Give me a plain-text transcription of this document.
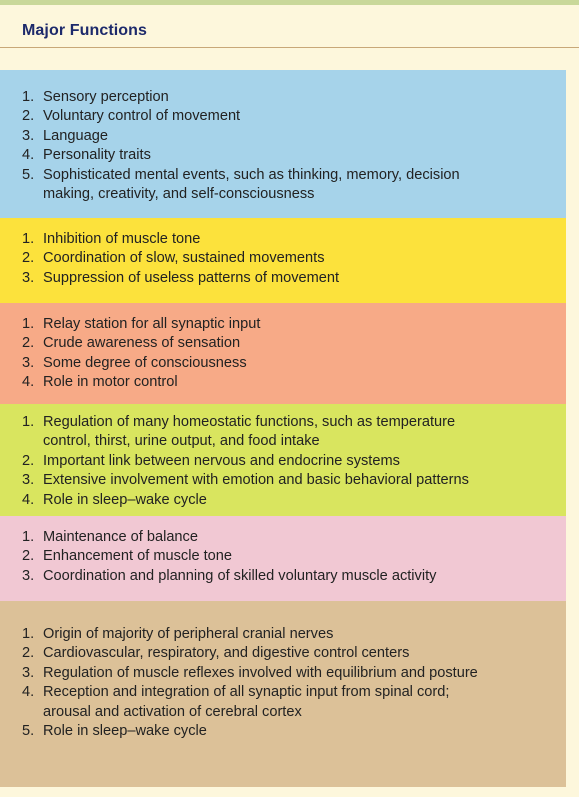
Major Functions
1. Sensory perception
2. Voluntary control of movement
3. Language
4. Personality traits
5. Sophisticated mental events, such as thinking, memory, decision
making, creativity, and self-consciousness
1. Inhibition of muscle tone
2. Coordination of slow, sustained movements
3. Suppression of useless patterns of movement
1. Relay station for all synaptic input
2. Crude awareness of sensation
3. Some degree of consciousness
4. Role in motor control
1. Regulation of many homeostatic functions, such as temperature
control, thirst, urine output, and food intake
2. Important link between nervous and endocrine systems
3. Extensive involvement with emotion and basic behavioral patterns
4. Role in sleep–wake cycle
1. Maintenance of balance
2. Enhancement of muscle tone
3. Coordination and planning of skilled voluntary muscle activity
1. Origin of majority of peripheral cranial nerves
2. Cardiovascular, respiratory, and digestive control centers
3. Regulation of muscle reflexes involved with equilibrium and posture
4. Reception and integration of all synaptic input from spinal cord;
arousal and activation of cerebral cortex
5. Role in sleep–wake cycle
